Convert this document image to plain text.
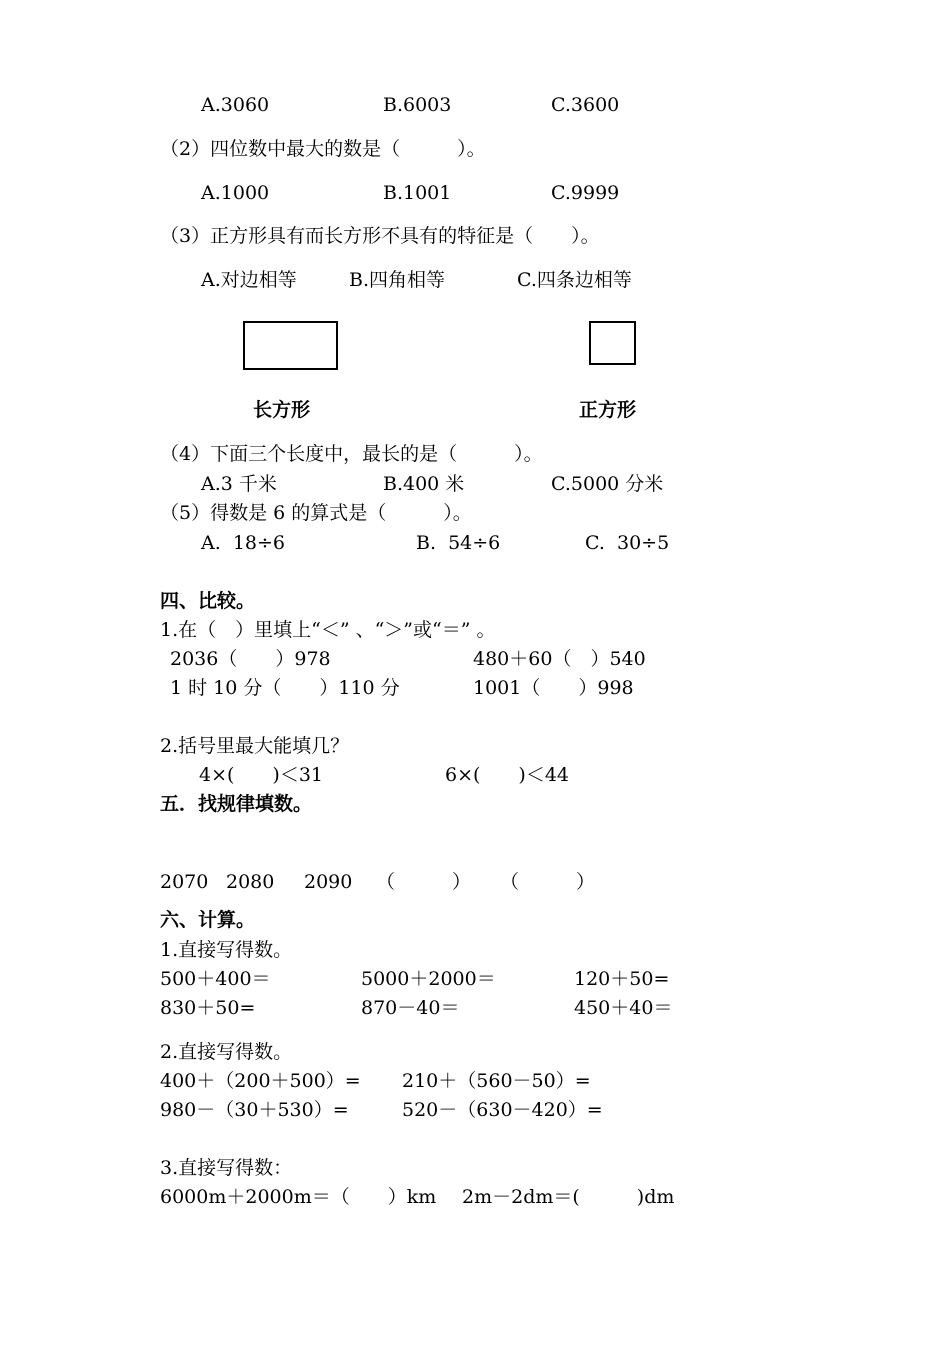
A.3060	B.6003	C.3600
（2）四位数中最大的数是（　　　）。
A.1000	B.1001	C.9999
（3）正方形具有而长方形不具有的特征是（　　）。
A.对边相等	B.四角相等	C.四条边相等
长方形	正方形
（4）下面三个长度中，最长的是（　　　）。
A.3 千米	B.400 米	C.5000 分米
（5）得数是 6 的算式是（　　　）。
A.  18÷6	B.  54÷6	C.  30÷5
四、比较。
1.在（　）里填上“＜” 、“＞”或“＝” 。
2036（　　）978	480＋60（　）540
1 时 10 分（　　）110 分	1001（　　）998
2.括号里最大能填几？
4×(　　)＜31	6×(　　)＜44
五．找规律填数。
2070 2080 2090 （　　　） （　　　）
六、计算。
1.直接写得数。
500＋400＝	5000＋2000＝	120＋50=
830＋50=	870－40＝	450＋40＝
2.直接写得数。
400＋（200＋500）= 210＋（560－50）=
980－（30＋530）=	520－（630－420）=
3.直接写得数：
6000m＋2000m＝（　　）km 2m－2dm＝(　　　)dm
